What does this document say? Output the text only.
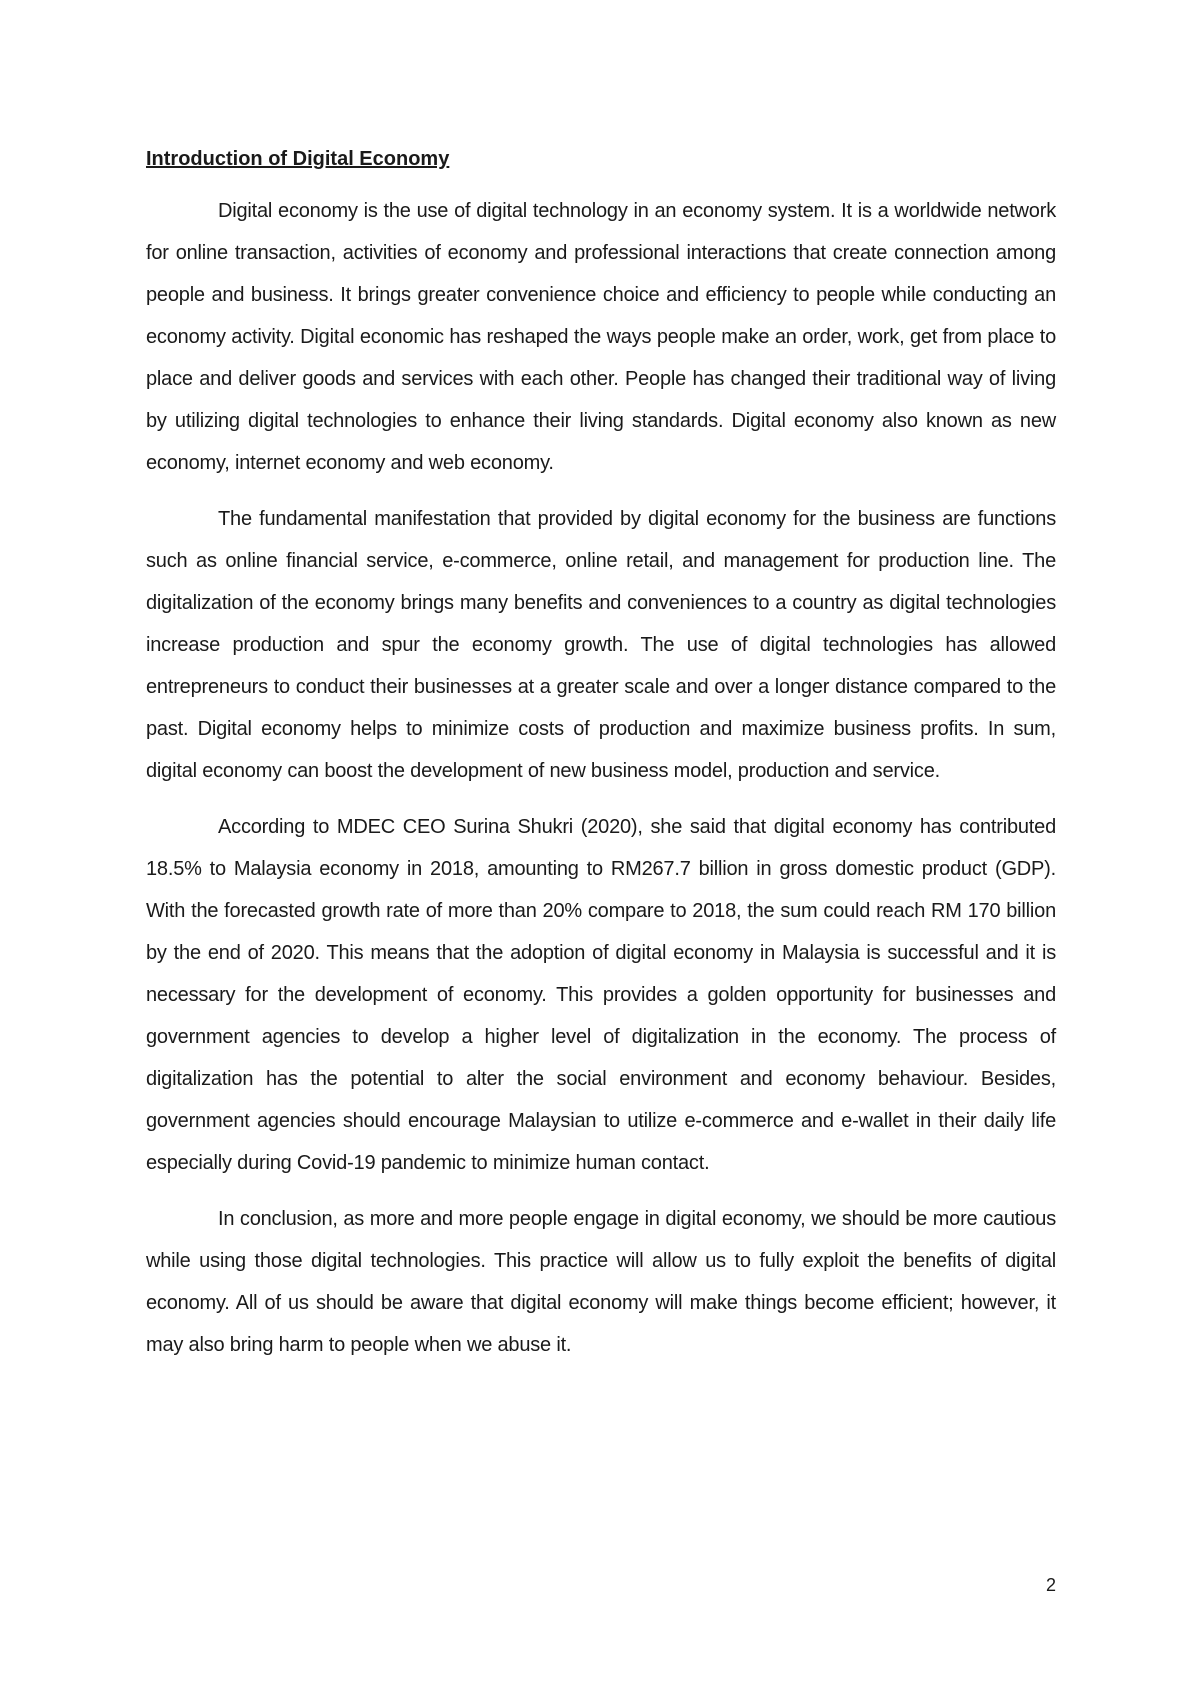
Introduction of Digital Economy

Digital economy is the use of digital technology in an economy system. It is a worldwide network for online transaction, activities of economy and professional interactions that create connection among people and business. It brings greater convenience choice and efficiency to people while conducting an economy activity. Digital economic has reshaped the ways people make an order, work, get from place to place and deliver goods and services with each other. People has changed their traditional way of living by utilizing digital technologies to enhance their living standards. Digital economy also known as new economy, internet economy and web economy.

The fundamental manifestation that provided by digital economy for the business are functions such as online financial service, e-commerce, online retail, and management for production line. The digitalization of the economy brings many benefits and conveniences to a country as digital technologies increase production and spur the economy growth. The use of digital technologies has allowed entrepreneurs to conduct their businesses at a greater scale and over a longer distance compared to the past. Digital economy helps to minimize costs of production and maximize business profits. In sum, digital economy can boost the development of new business model, production and service.

According to MDEC CEO Surina Shukri (2020), she said that digital economy has contributed 18.5% to Malaysia economy in 2018, amounting to RM267.7 billion in gross domestic product (GDP). With the forecasted growth rate of more than 20% compare to 2018, the sum could reach RM 170 billion by the end of 2020. This means that the adoption of digital economy in Malaysia is successful and it is necessary for the development of economy. This provides a golden opportunity for businesses and government agencies to develop a higher level of digitalization in the economy. The process of digitalization has the potential to alter the social environment and economy behaviour. Besides, government agencies should encourage Malaysian to utilize e-commerce and e-wallet in their daily life especially during Covid-19 pandemic to minimize human contact.

In conclusion, as more and more people engage in digital economy, we should be more cautious while using those digital technologies. This practice will allow us to fully exploit the benefits of digital economy. All of us should be aware that digital economy will make things become efficient; however, it may also bring harm to people when we abuse it.

2
